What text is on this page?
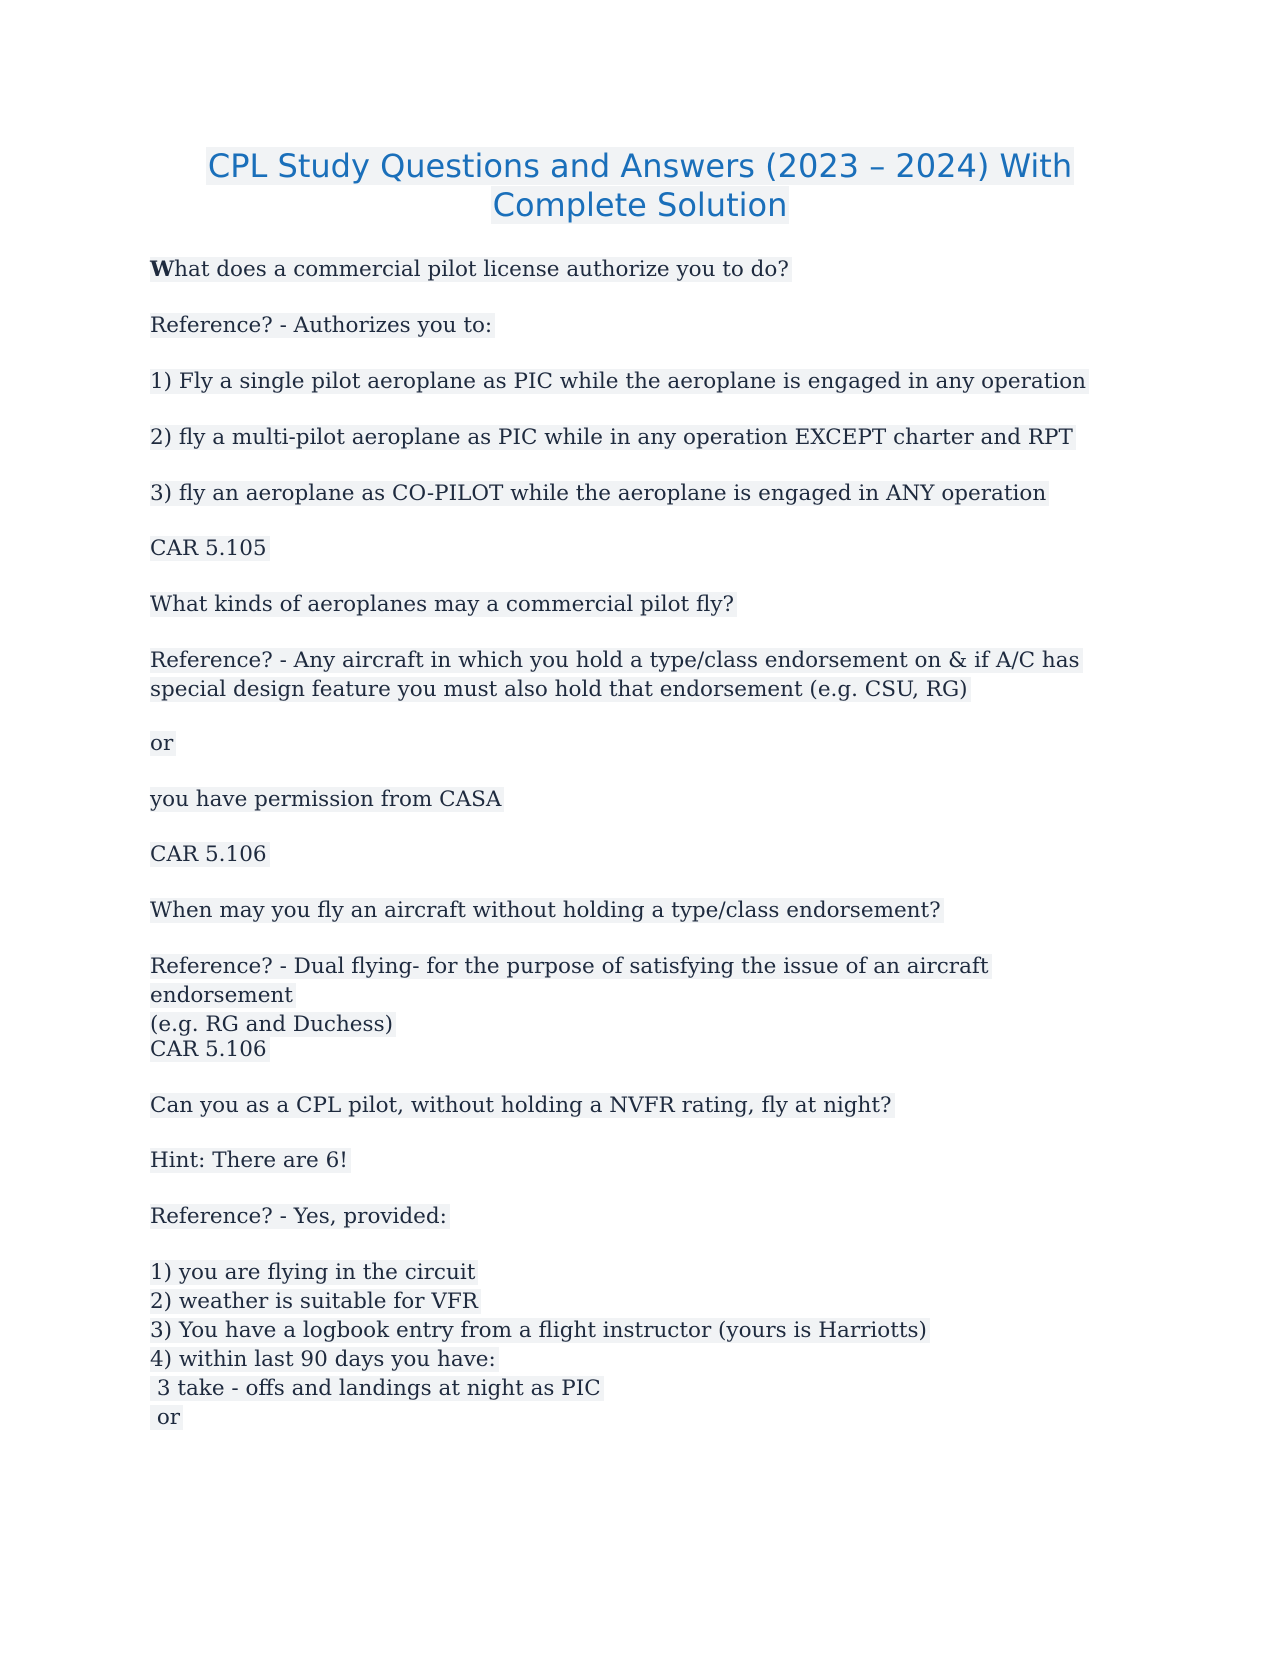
CPL Study Questions and Answers (2023 – 2024) With
Complete Solution
What does a commercial pilot license authorize you to do?
Reference? - Authorizes you to:
1) Fly a single pilot aeroplane as PIC while the aeroplane is engaged in any operation
2) fly a multi-pilot aeroplane as PIC while in any operation EXCEPT charter and RPT
3) fly an aeroplane as CO-PILOT while the aeroplane is engaged in ANY operation
CAR 5.105
What kinds of aeroplanes may a commercial pilot fly?
Reference? - Any aircraft in which you hold a type/class endorsement on & if A/C has
special design feature you must also hold that endorsement (e.g. CSU, RG)
or
you have permission from CASA
CAR 5.106
When may you fly an aircraft without holding a type/class endorsement?
Reference? - Dual flying- for the purpose of satisfying the issue of an aircraft endorsement
(e.g. RG and Duchess)
CAR 5.106
Can you as a CPL pilot, without holding a NVFR rating, fly at night?
Hint: There are 6!
Reference? - Yes, provided:
1) you are flying in the circuit
2) weather is suitable for VFR
3) You have a logbook entry from a flight instructor (yours is Harriotts)
4) within last 90 days you have:
3 take - offs and landings at night as PIC
or
